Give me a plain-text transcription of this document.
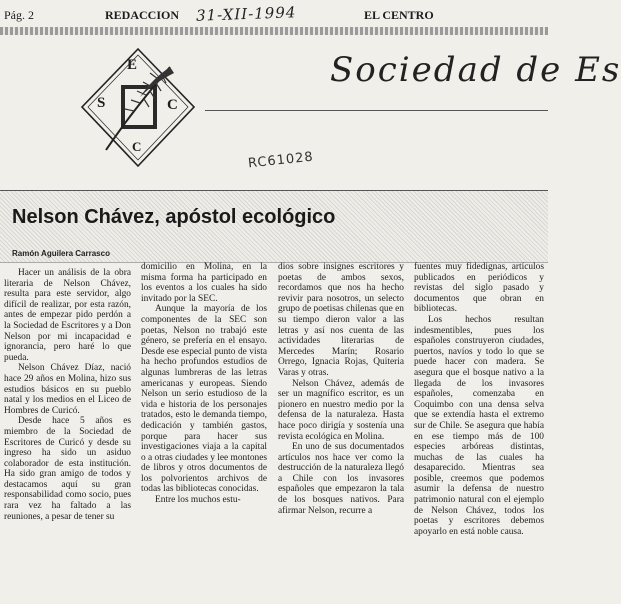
Pág. 2	REDACCION 31-XII-1994	EL CENTRO
E
S	C
C
Sociedad de Es
RC61028
Nelson Chávez, apóstol ecológico
Ramón Aguilera Carrasco

Hacer un análisis de la obra literaria de Nelson Chávez, resulta para este servidor, algo difícil de realizar, por esta razón, antes de empezar pido perdón a la Sociedad de Escritores y a Don Nelson por mi incapacidad e ignorancia, pero haré lo que pueda.

Nelson Chávez Díaz, nació hace 29 años en Molina, hizo sus estudios básicos en su pueblo natal y los medios en el Liceo de Hombres de Curicó.

Desde hace 5 años es miembro de la Sociedad de Escritores de Curicó y desde su ingreso ha sido un asiduo colaborador de esta institución. Ha sido gran amigo de todos y destacamos aquí su gran responsabilidad como socio, pues rara vez ha faltado a las reuniones, a pesar de tener su

domicilio en Molina, en la misma forma ha participado en los eventos a los cuales ha sido invitado por la SEC.

Aunque la mayoría de los componentes de la SEC son poetas, Nelson no trabajó este género, se prefería en el ensayo. Desde ese especial punto de vista ha hecho profundos estudios de algunas lumbreras de las letras americanas y europeas. Siendo Nelson un serio estudioso de la vida e historia de los personajes tratados, esto le demanda tiempo, dedicación y también gastos, porque para hacer sus investigaciones viaja a la capital o a otras ciudades y lee montones de libros y otros documentos de los polvorientos archivos de todas las bibliotecas conocidas.

Entre los muchos estu-

dios sobre insignes escritores y poetas de ambos sexos, recordamos que nos ha hecho revivir para nosotros, un selecto grupo de poetisas chilenas que en su tiempo dieron valor a las letras y así nos cuenta de las actividades literarias de Mercedes Marín; Rosario Orrego, Ignacia Rojas, Quiteria Varas y otras.

Nelson Chávez, además de ser un magnífico escritor, es un pionero en nuestro medio por la defensa de la naturaleza. Hasta hace poco dirigía y sostenía una revista ecológica en Molina.

En uno de sus documentados artículos nos hace ver como la destrucción de la naturaleza llegó a Chile con los invasores españoles que empezaron la tala de los bosques nativos. Para afirmar Nelson, recurre a

fuentes muy fidedignas, artículos publicados en periódicos y revistas del siglo pasado y documentos que obran en bibliotecas.

Los hechos resultan indesmentibles, pues los españoles construyeron ciudades, puertos, navíos y todo lo que se puede hacer con madera. Se asegura que el bosque nativo a la llegada de los invasores españoles, comenzaba en Coquimbo con una densa selva que se extendía hasta el extremo sur de Chile. Se asegura que había en ese tiempo más de 100 especies arbóreas distintas, muchas de las cuales ha desaparecido. Mientras sea posible, creemos que podemos asumir la defensa de nuestro patrimonio natural con el ejemplo de Nelson Chávez, todos los poetas y escritores debemos apoyarlo en está noble causa.
